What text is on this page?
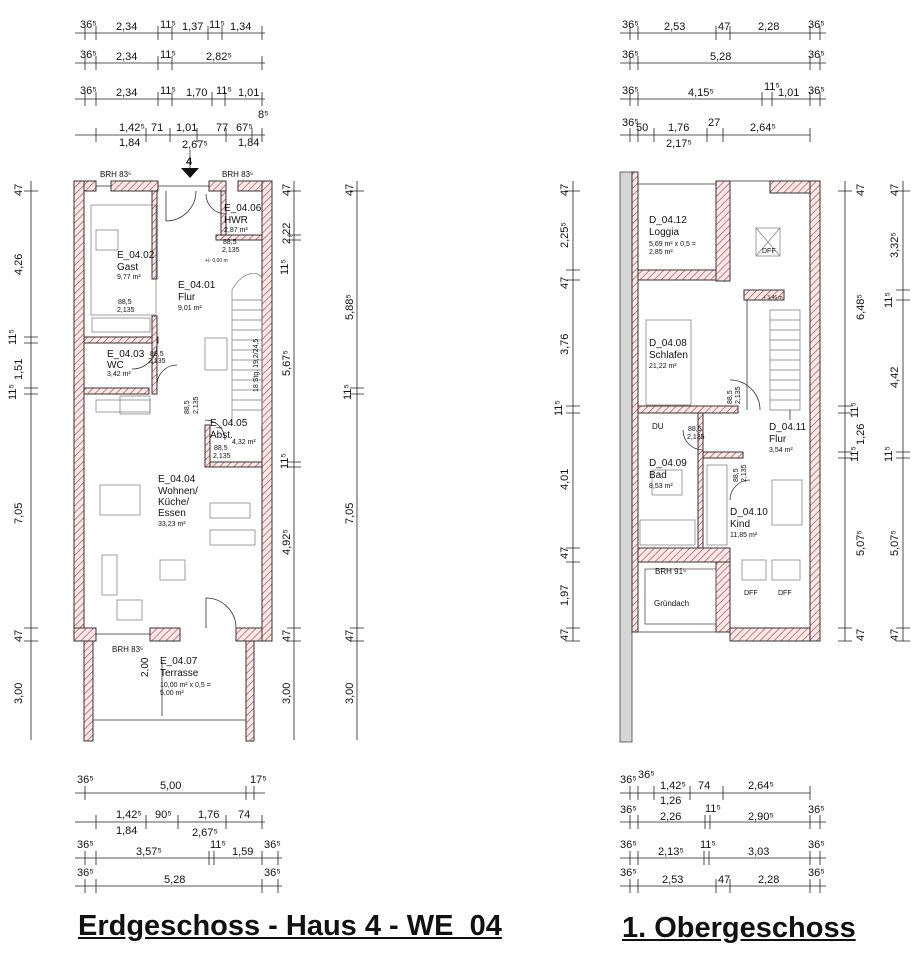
36⁵ 2,34 11⁵ 1,37 11⁵ 1,34
36⁵ 2,34 11⁵	2,82⁵
36⁵ 2,34 11⁵ 1,70 11⁵ 1,01
1,42⁵ 71 1,01 77 67⁵
8⁵
1,84	2,67⁵	1,84
4
E_04.06
HWR
2,87 m²
E_04.02
Gast
9,77 m²
E_04.01
Flur
9,01 m²
E_04.03
WC
3,42 m²
E_04.05
Abst.
4,32 m²
E_04.04
Wohnen/
Küche/
Essen
33,23 m²
E_04.07
Terrasse
10,00 m² x 0,5 =
5,00 m²
BRH 83⁵	BRH 83⁵
BRH 83⁵
+/- 0,00 m
2,00
18 Stg. 19,2/24,5
88,5
2,135
88,5
2,135
88,5
2,135
88,5
2,135
88,5 2,135
47
4,26
11⁵
1,51
11⁵
7,05
47
3,00
47
2,22
11⁵
5,67⁵
11⁵
4,92⁵
47
3,00
47
5,88⁵
11⁵
7,05
47
3,00
36⁵	5,00	17⁵
1,42⁵ 90⁵ 1,76 74
1,84	2,67⁵
36⁵
3,57⁵
11⁵
1,59
36⁵
36⁵
5,28
36⁵
36⁵ 2,53	47	2,28	36⁵
36⁵	5,28	36⁵
36⁵	4,15⁵	11⁵
1,01 36⁵
36⁵
50 1,76 27	2,64⁵
2,17⁵
D_04.12
Loggia
5,69 m² x 0,5 =
2,85 m²
D_04.08
Schlafen
21,22 m²
D_04.11
Flur
3,54 m²
D_04.09
Bad
8,53 m²
D_04.10
Kind
11,85 m²
+ 3,46 m
DU
BRH 91⁵
Gründach
DFF
DFF	DFF
88,5
2,135
88,5 2,135
88,5 2,135
47
2,25⁵
47
3,76
11⁵
4,01
47
1,97
47
47
6,48⁵
11⁵
1,26
11⁵
5,07⁵
47
47
3,32⁵
11⁵
4,42
11⁵
5,07⁵
47
36⁵ 36⁵
1,42⁵ 74	2,64⁵
1,26
36⁵
2,26
11⁵
2,90⁵
36⁵
36⁵
2,13⁵
11⁵
3,03
36⁵
36⁵
2,53	47	2,28
36⁵
Erdgeschoss - Haus 4 - WE_04	1. Obergeschoss
